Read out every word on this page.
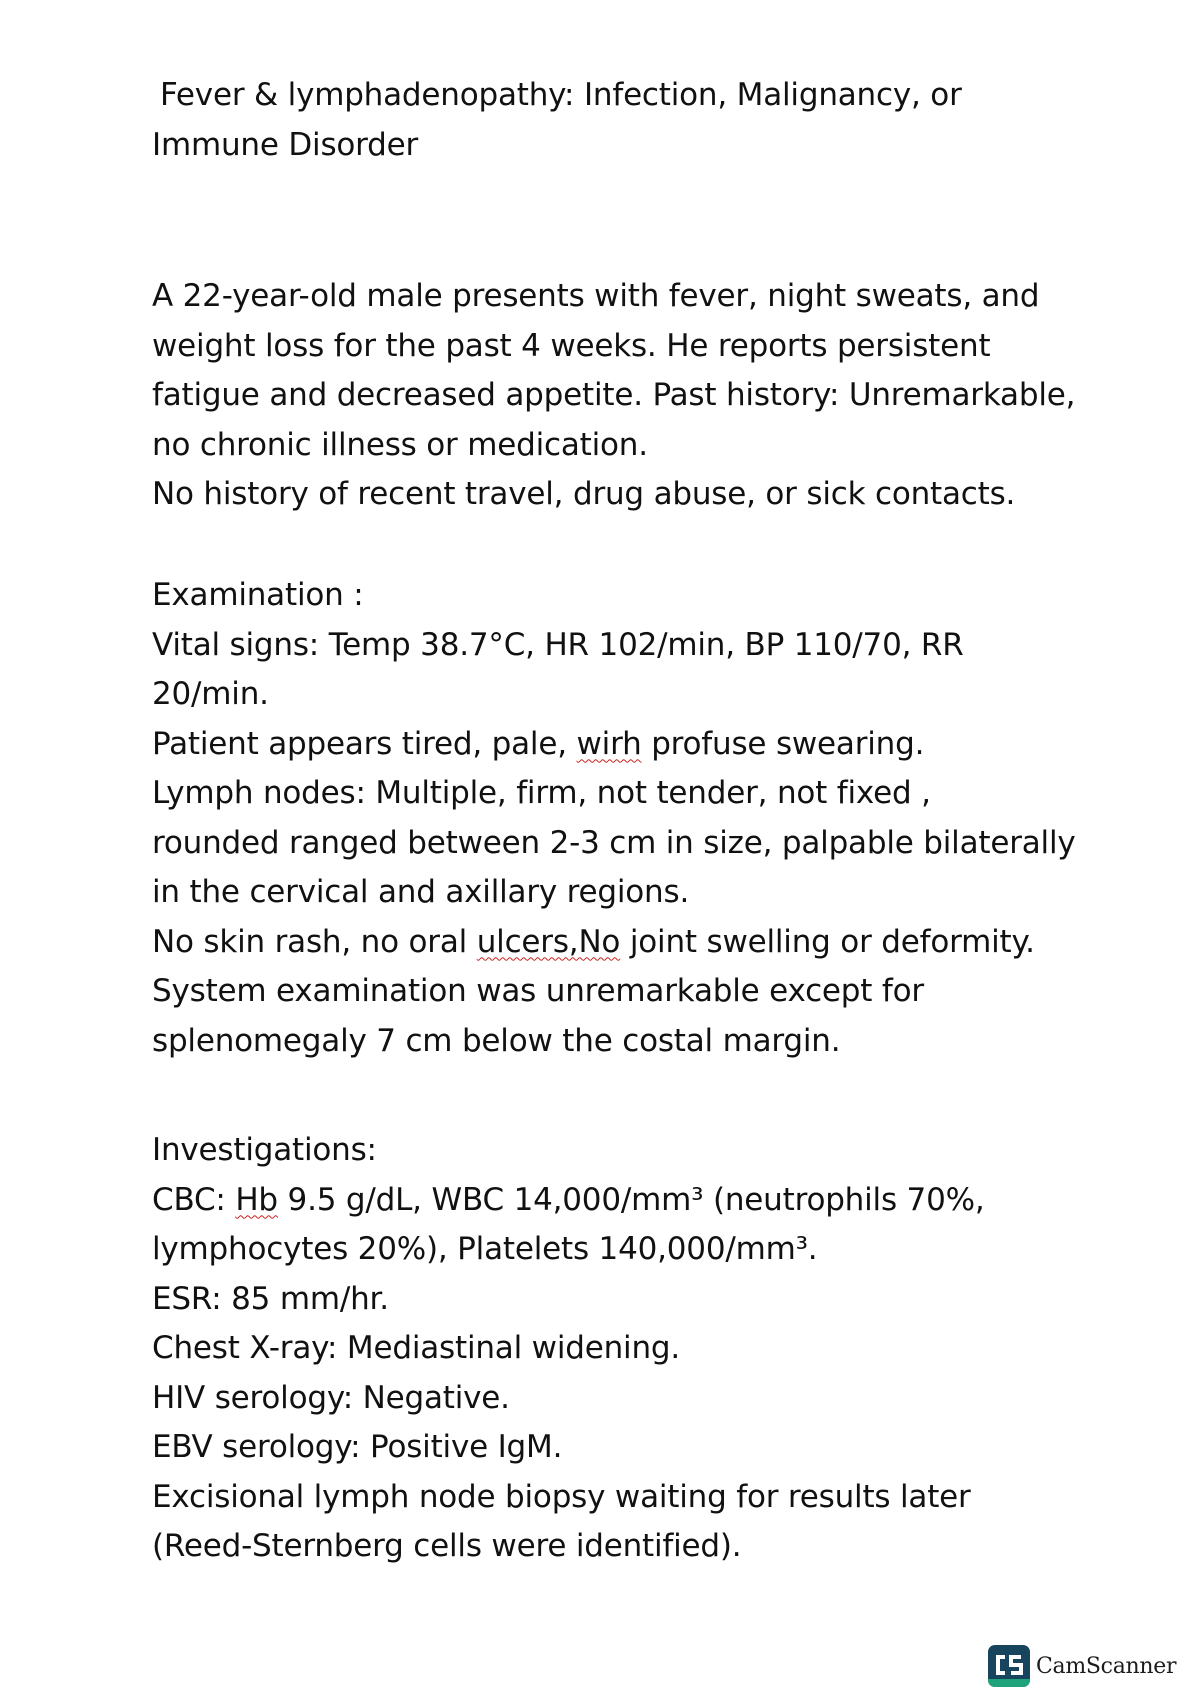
Fever & lymphadenopathy: Infection, Malignancy, or
Immune Disorder
A 22-year-old male presents with fever, night sweats, and
weight loss for the past 4 weeks. He reports persistent
fatigue and decreased appetite. Past history: Unremarkable,
no chronic illness or medication.
No history of recent travel, drug abuse, or sick contacts.
Examination :
Vital signs: Temp 38.7°C, HR 102/min, BP 110/70, RR
20/min.
Patient appears tired, pale, wirh profuse swearing.
Lymph nodes: Multiple, firm, not tender, not fixed ,
rounded ranged between 2-3 cm in size, palpable bilaterally
in the cervical and axillary regions.
No skin rash, no oral ulcers,No joint swelling or deformity.
System examination was unremarkable except for
splenomegaly 7 cm below the costal margin.
Investigations:
CBC: Hb 9.5 g/dL, WBC 14,000/mm³ (neutrophils 70%,
lymphocytes 20%), Platelets 140,000/mm³.
ESR: 85 mm/hr.
Chest X-ray: Mediastinal widening.
HIV serology: Negative.
EBV serology: Positive IgM.
Excisional lymph node biopsy waiting for results later
(Reed-Sternberg cells were identified).
CamScanner
